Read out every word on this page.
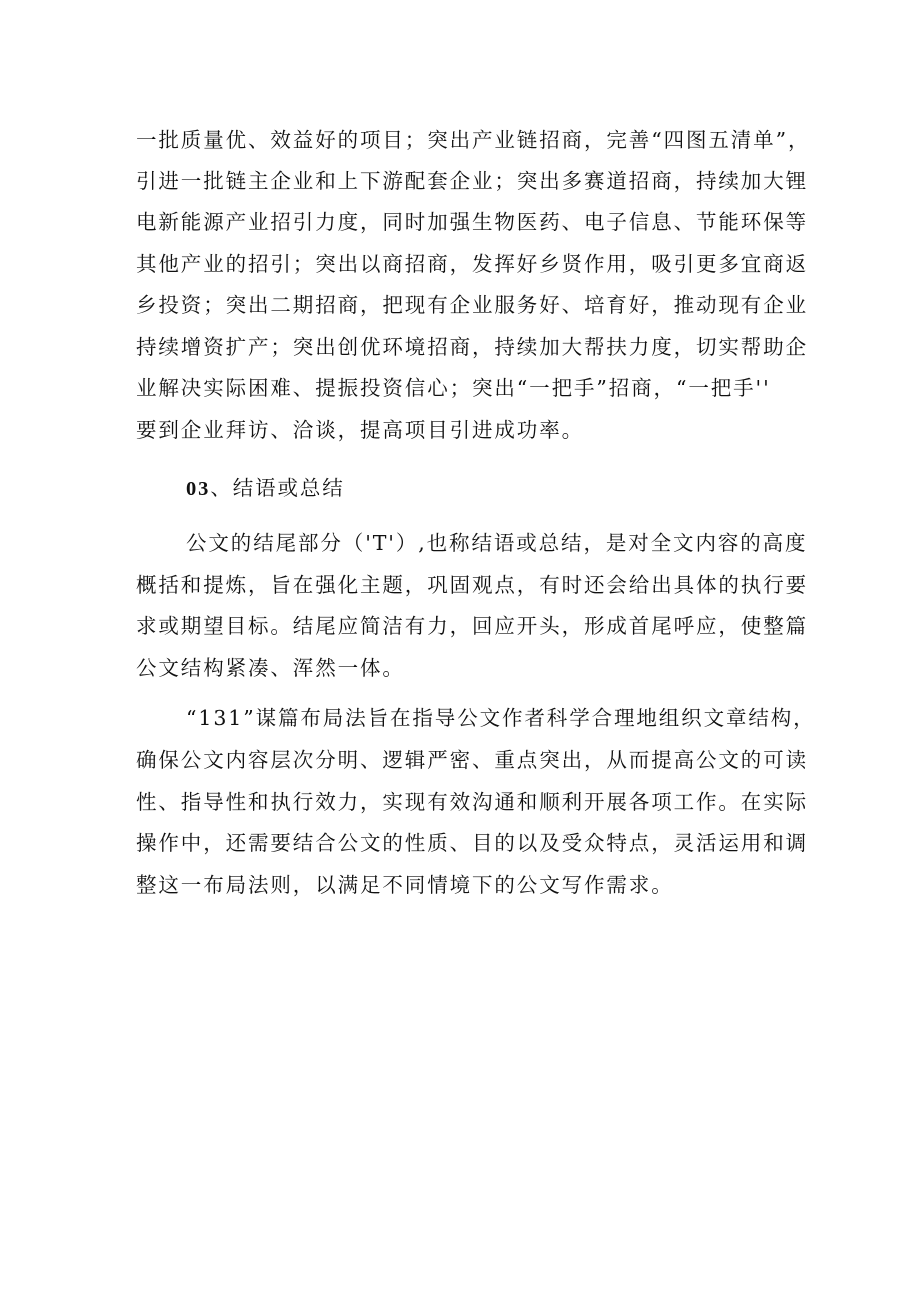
一批质量优、效益好的项目；突出产业链招商，完善“四图五清单”，
引进一批链主企业和上下游配套企业；突出多赛道招商，持续加大锂
电新能源产业招引力度，同时加强生物医药、电子信息、节能环保等
其他产业的招引；突出以商招商，发挥好乡贤作用，吸引更多宜商返
乡投资；突出二期招商，把现有企业服务好、培育好，推动现有企业
持续增资扩产；突出创优环境招商，持续加大帮扶力度，切实帮助企
业解决实际困难、提振投资信心；突出“一把手”招商，“一把手''
要到企业拜访、洽谈，提高项目引进成功率。
03、结语或总结
公文的结尾部分（'T'）,也称结语或总结，是对全文内容的高度
概括和提炼，旨在强化主题，巩固观点，有时还会给出具体的执行要
求或期望目标。结尾应简洁有力，回应开头，形成首尾呼应，使整篇
公文结构紧凑、浑然一体。
“131”谋篇布局法旨在指导公文作者科学合理地组织文章结构，
确保公文内容层次分明、逻辑严密、重点突出，从而提高公文的可读
性、指导性和执行效力，实现有效沟通和顺利开展各项工作。在实际
操作中，还需要结合公文的性质、目的以及受众特点，灵活运用和调
整这一布局法则，以满足不同情境下的公文写作需求。
